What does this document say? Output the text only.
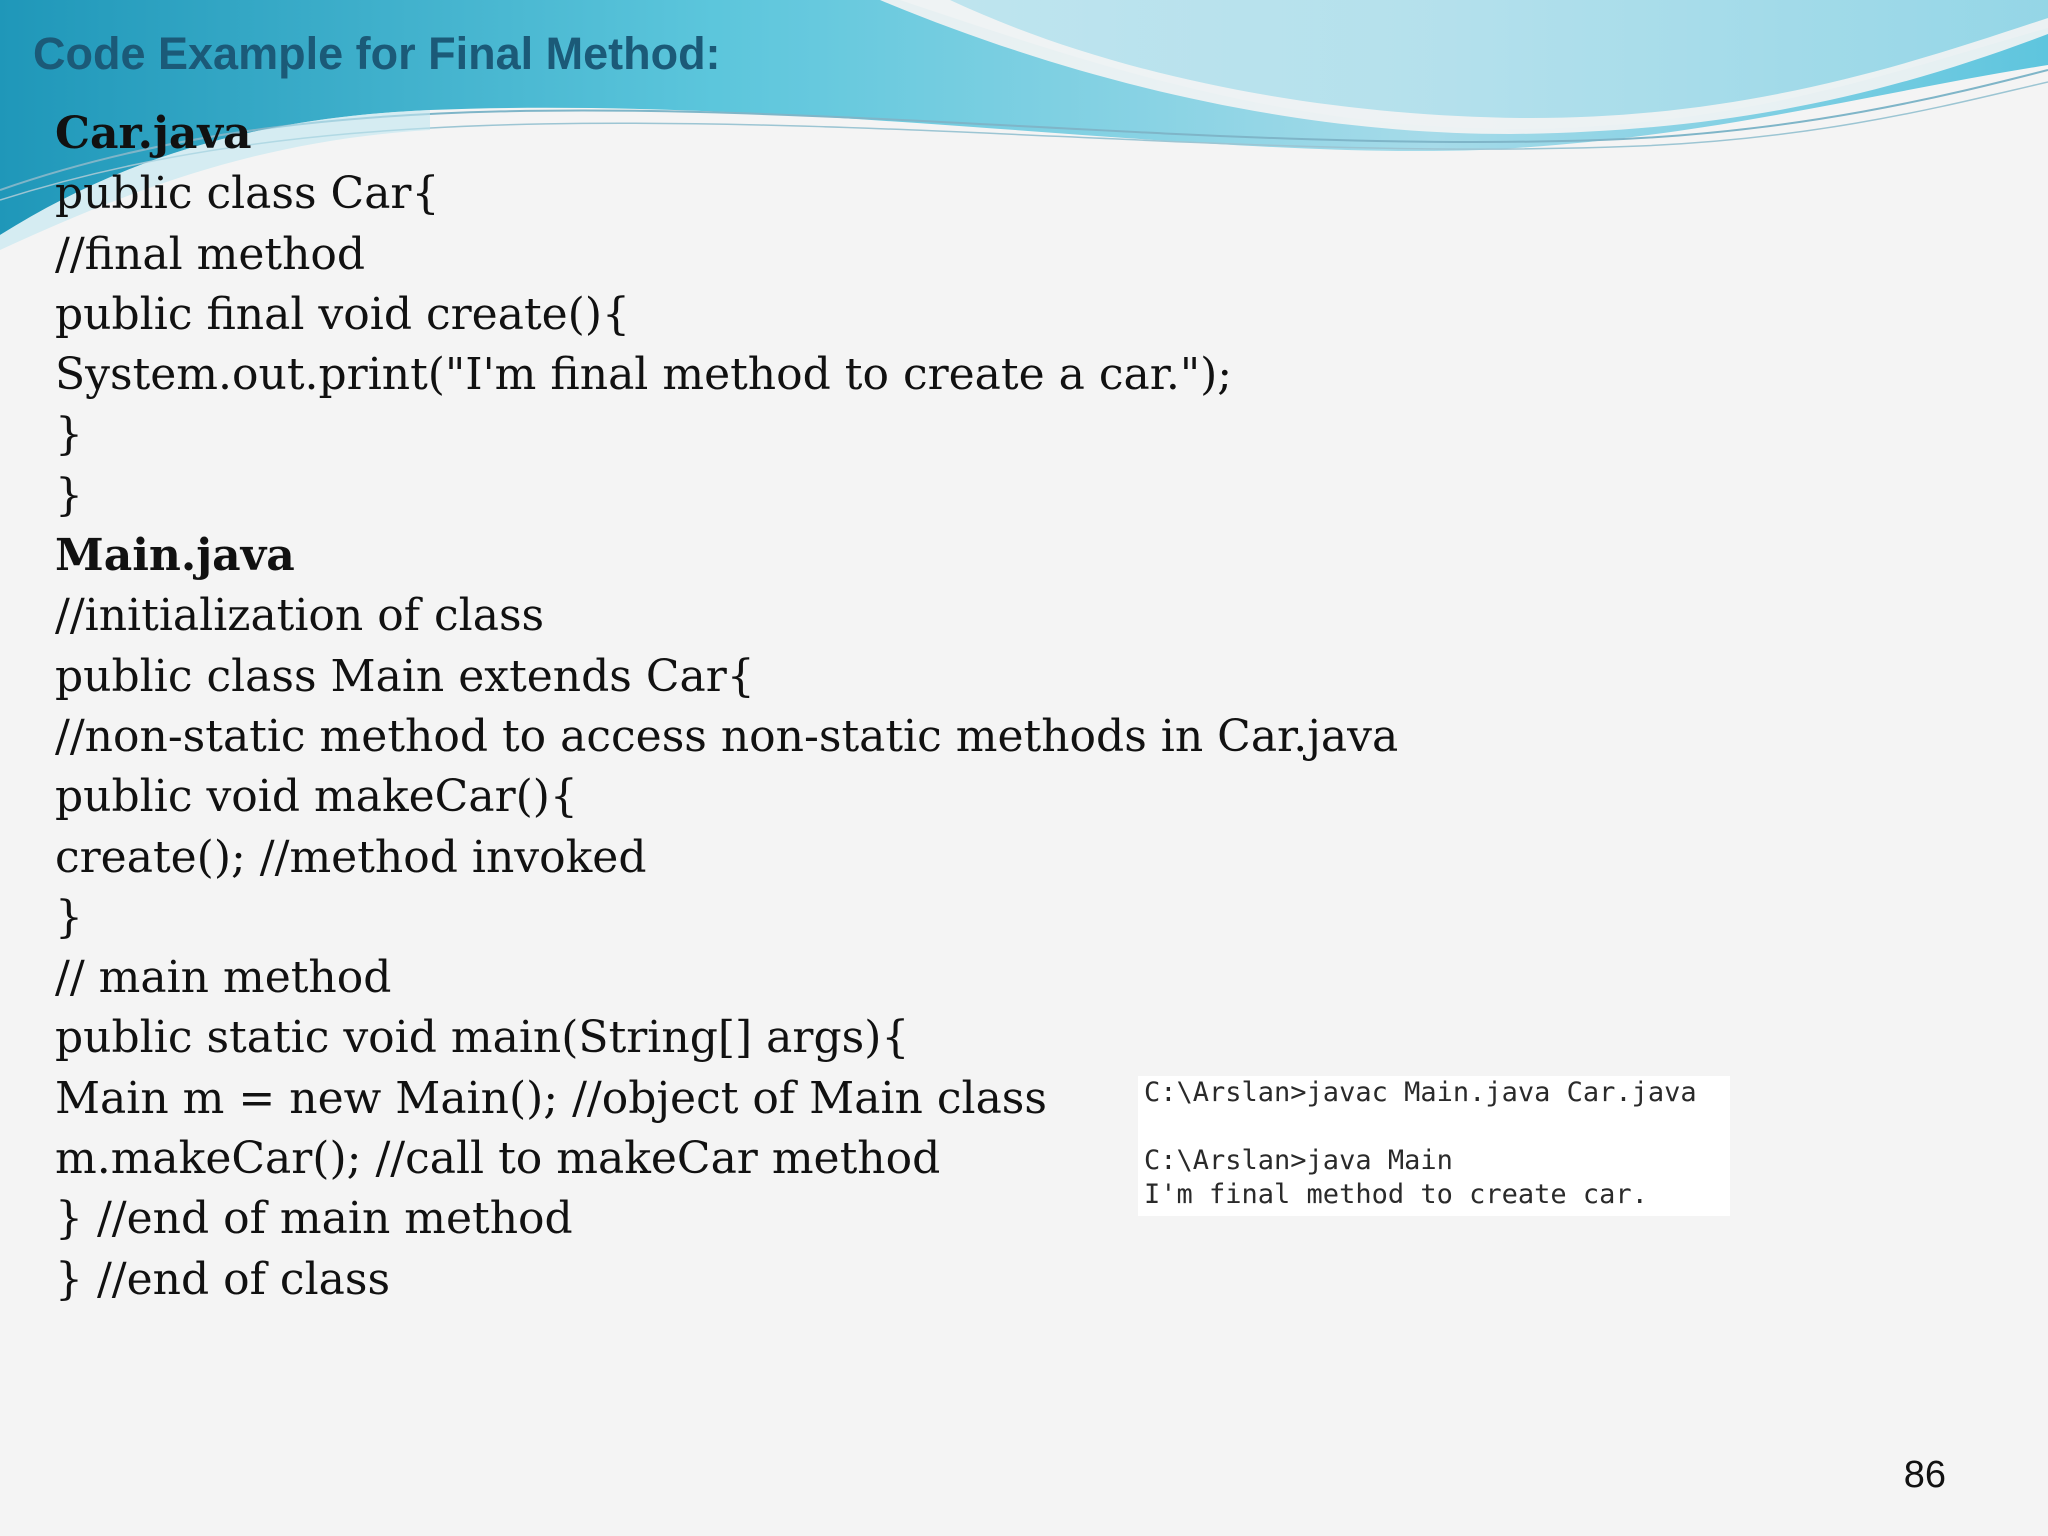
Code Example for Final Method:
Car.java
public class Car{
//final method
public final void create(){
System.out.print("I'm final method to create a car.");
}
}
Main.java
//initialization of class
public class Main extends Car{
//non-static method to access non-static methods in Car.java
public void makeCar(){
create(); //method invoked
}
// main method
public static void main(String[] args){
Main m = new Main(); //object of Main class
m.makeCar(); //call to makeCar method
} //end of main method
} //end of class
C:\Arslan>javac Main.java Car.java
C:\Arslan>java Main
I'm final method to create car.
86
